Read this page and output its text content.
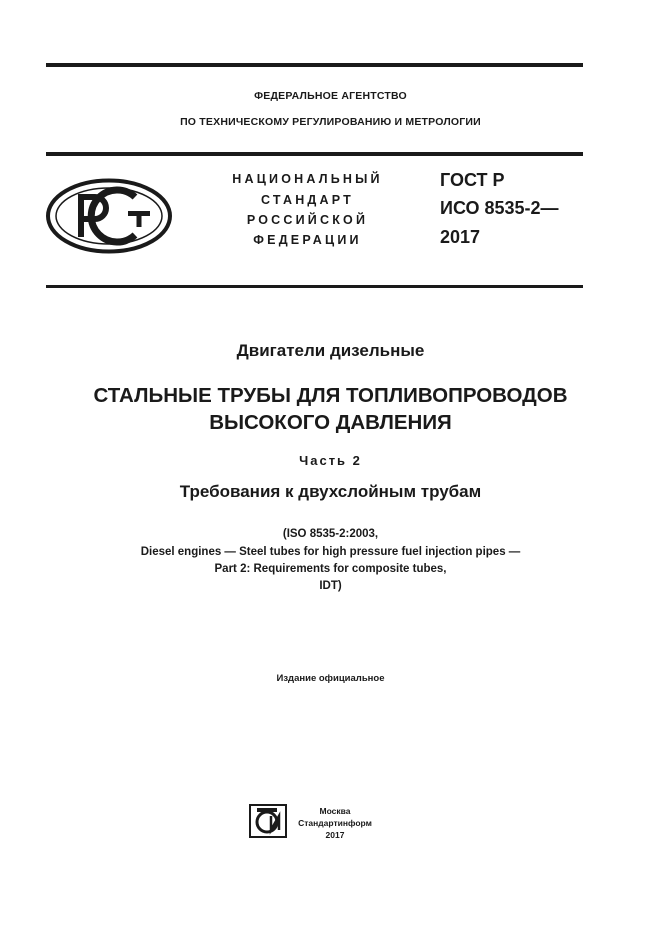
ФЕДЕРАЛЬНОЕ АГЕНТСТВО
ПО ТЕХНИЧЕСКОМУ РЕГУЛИРОВАНИЮ И МЕТРОЛОГИИ
НАЦИОНАЛЬНЫЙ
СТАНДАРТ
РОССИЙСКОЙ
ФЕДЕРАЦИИ
ГОСТ Р
ИСО 8535-2—
2017
Двигатели дизельные
СТАЛЬНЫЕ ТРУБЫ ДЛЯ ТОПЛИВОПРОВОДОВ
ВЫСОКОГО ДАВЛЕНИЯ
Часть 2
Требования к двухслойным трубам
(ISO 8535-2:2003,
Diesel engines — Steel tubes for high pressure fuel injection pipes —
Part 2: Requirements for composite tubes,
IDT)
Издание официальное
Москва
Стандартинформ
2017
